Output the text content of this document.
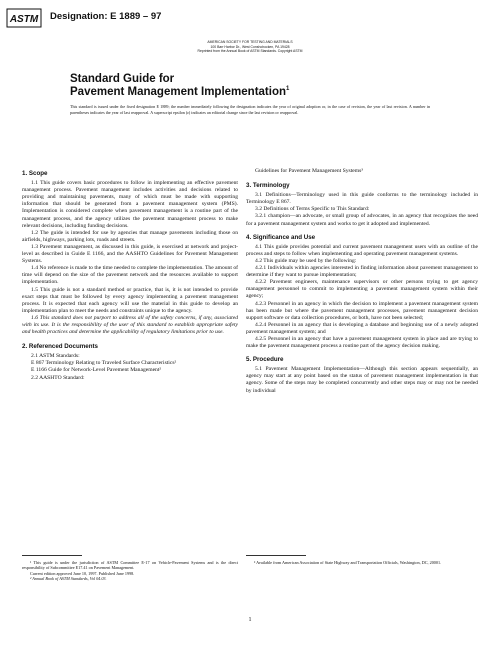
ASTM Designation: E 1889 – 97
AMERICAN SOCIETY FOR TESTING AND MATERIALS
100 Barr Harbor Dr., West Conshohocken, PA 19428
Reprinted from the Annual Book of ASTM Standards. Copyright ASTM
Standard Guide for
Pavement Management Implementation$^1$
This standard is issued under the fixed designation E 1889; the number immediately following the designation indicates the year of original adoption or, in the case of revision, the year of last revision. A number in parentheses indicates the year of last reapproval. A superscript epsilon (ε) indicates an editorial change since the last revision or reapproval.

1. Scope

1.1 This guide covers basic procedures to follow in implementing an effective pavement management process. Pavement management includes activities and decisions related to providing and maintaining pavements, many of which must be made with supporting information that should be generated from a pavement management system (PMS). Implementation is considered complete when pavement management is a routine part of the management process, and the agency utilizes the pavement management process to make relevant decisions, including funding decisions.

1.2 The guide is intended for use by agencies that manage pavements including those on airfields, highways, parking lots, roads and streets.

1.3 Pavement management, as discussed in this guide, is exercised at network and project-level as described in Guide E 1166, and the AASHTO Guidelines for Pavement Management Systems.

1.4 No reference is made to the time needed to complete the implementation. The amount of time will depend on the size of the pavement network and the resources available to support implementation.

1.5 This guide is not a standard method or practice, that is, it is not intended to provide exact steps that must be followed by every agency implementing a pavement management process. It is expected that each agency will use the material in this guide to develop an implementation plan to meet the needs and constraints unique to the agency.

1.6 This standard does not purport to address all of the safety concerns, if any, associated with its use. It is the responsibility of the user of this standard to establish appropriate safety and health practices and determine the applicability of regulatory limitations prior to use.

2. Referenced Documents

2.1 ASTM Standards:

E 867 Terminology Relating to Traveled Surface Characteristics²

E 1166 Guide for Network-Level Pavement Management²

2.2 AASHTO Standard:

Guidelines for Pavement Management Systems³

3. Terminology

3.1 Definitions—Terminology used in this guide conforms to the terminology included in Terminology E 867.

3.2 Definitions of Terms Specific to This Standard:

3.2.1 champion—an advocate, or small group of advocates, in an agency that recognizes the need for a pavement management system and works to get it adopted and implemented.

4. Significance and Use

4.1 This guide provides potential and current pavement management users with an outline of the process and steps to follow when implementing and operating pavement management systems.

4.2 This guide may be used by the following:

4.2.1 Individuals within agencies interested in finding information about pavement management to determine if they want to pursue implementation;

4.2.2 Pavement engineers, maintenance supervisors or other persons trying to get agency management personnel to commit to implementing a pavement management system within their agency;

4.2.3 Personnel in an agency in which the decision to implement a pavement management system has been made but where the pavement management processes, pavement management decision support software or data collection procedures, or both, have not been selected;

4.2.4 Personnel in an agency that is developing a database and beginning use of a newly adopted pavement management system; and

4.2.5 Personnel in an agency that have a pavement management system in place and are trying to make the pavement management process a routine part of the agency decision making.

5. Procedure

5.1 Pavement Management Implementation—Although this section appears sequentially, an agency may start at any point based on the status of pavement management implementation in that agency. Some of the steps may be completed concurrently and other steps may or may not be needed by individual

¹ This guide is under the jurisdiction of ASTM Committee E-17 on Vehicle-Pavement Systems and is the direct responsibility of Subcommittee E17.41 on Pavement Management.
Current edition approved June 10, 1997. Published June 1998.
² Annual Book of ASTM Standards, Vol 04.03.
³ Available from American Association of State Highway and Transportation Officials, Washington, DC, 20001.
1
